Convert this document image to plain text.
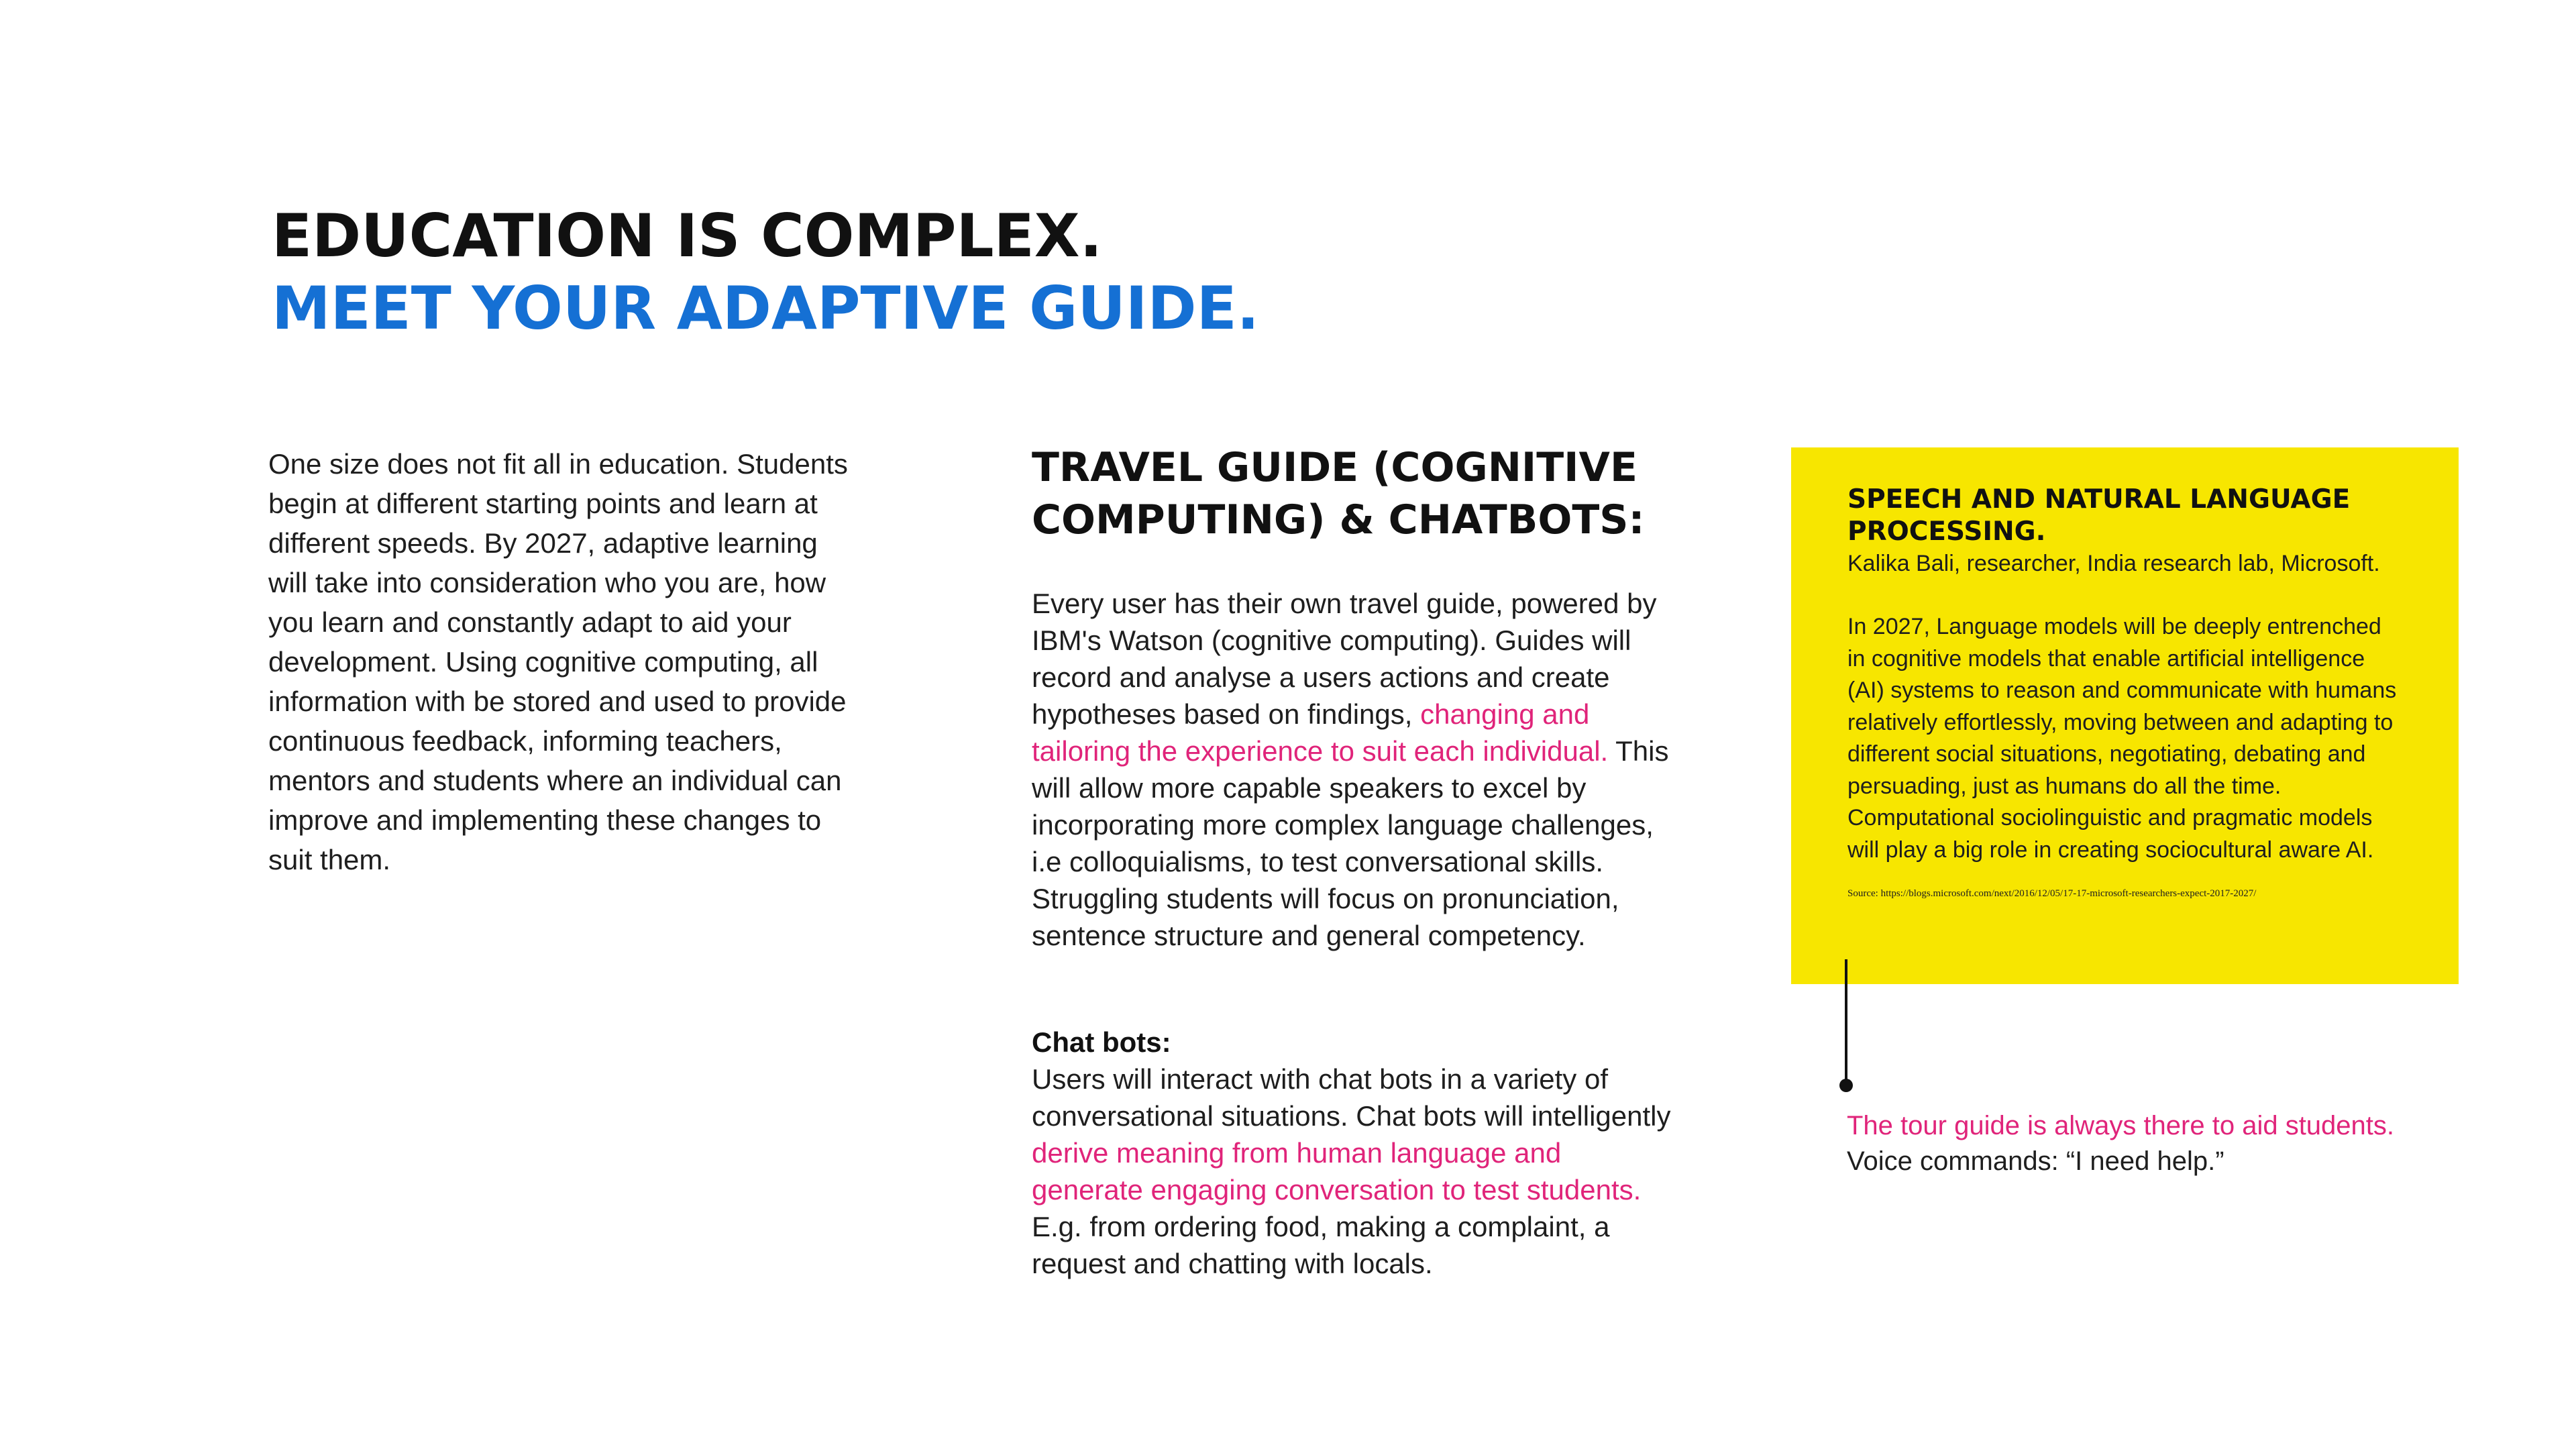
EDUCATION IS COMPLEX.
MEET YOUR ADAPTIVE GUIDE.

One size does not fit all in education. Students begin at different starting points and learn at different speeds. By 2027, adaptive learning will take into consideration who you are, how you learn and constantly adapt to aid your development. Using cognitive computing, all information with be stored and used to provide continuous feedback, informing teachers, mentors and students where an individual can improve and implementing these changes to suit them.

TRAVEL GUIDE (COGNITIVE COMPUTING) & CHATBOTS:

Every user has their own travel guide, powered by IBM's Watson (cognitive computing). Guides will record and analyse a users actions and create hypotheses based on findings, changing and tailoring the experience to suit each individual. This will allow more capable speakers to excel by incorporating more complex language challenges, i.e colloquialisms, to test conversational skills. Struggling students will focus on pronunciation, sentence structure and general competency.

Chat bots:

Users will interact with chat bots in a variety of conversational situations. Chat bots will intelligently derive meaning from human language and generate engaging conversation to test students. E.g. from ordering food, making a complaint, a request and chatting with locals.

SPEECH AND NATURAL LANGUAGE PROCESSING.

Kalika Bali, researcher, India research lab, Microsoft.

In 2027, Language models will be deeply entrenched in cognitive models that enable artificial intelligence (AI) systems to reason and communicate with humans relatively effortlessly, moving between and adapting to different social situations, negotiating, debating and persuading, just as humans do all the time. Computational sociolinguistic and pragmatic models will play a big role in creating sociocultural aware AI.

Source: https://blogs.microsoft.com/next/2016/12/05/17-17-microsoft-researchers-expect-2017-2027/

The tour guide is always there to aid students.

Voice commands: “I need help.”
